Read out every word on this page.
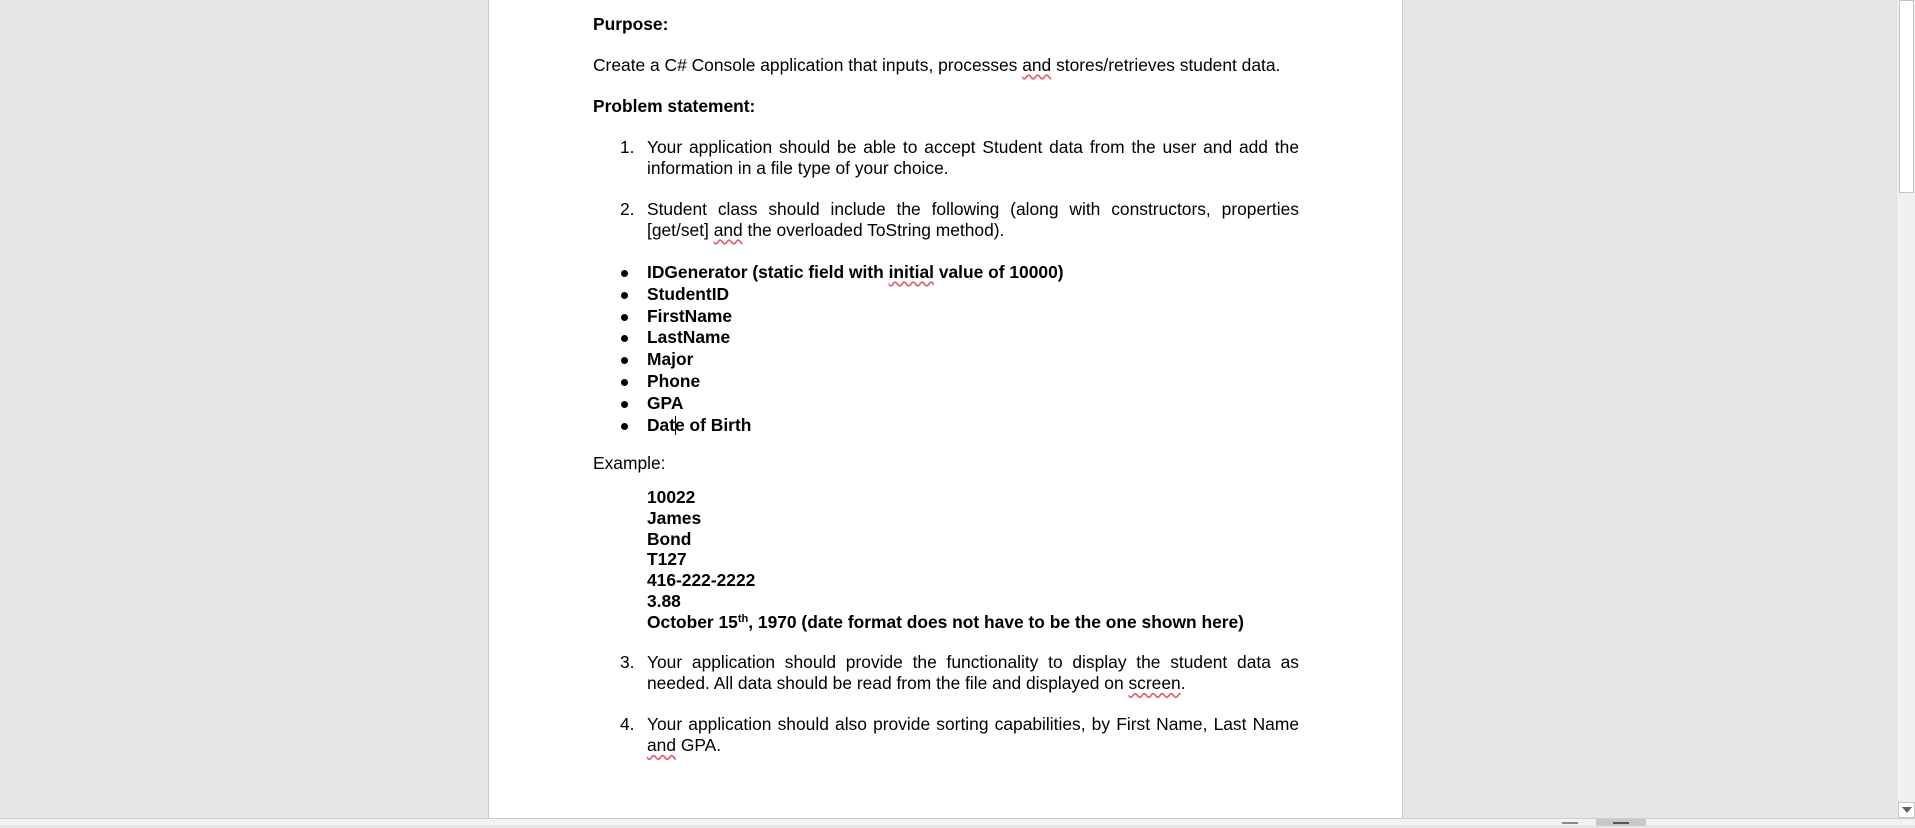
Purpose:

Create a C# Console application that inputs, processes and stores/retrieves student data.

Problem statement:

1. Your application should be able to accept Student data from the user and add the information in a file type of your choice.
2. Student class should include the following (along with constructors, properties [get/set] and the overloaded ToString method).
IDGenerator (static field with initial value of 10000)
StudentID
FirstName
LastName
Major
Phone
GPA
Date of Birth

Example:

10022
James
Bond
T127
416-222-2222
3.88
October 15th, 1970 (date format does not have to be the one shown here)
3. Your application should provide the functionality to display the student data as needed. All data should be read from the file and displayed on screen.
4. Your application should also provide sorting capabilities, by First Name, Last Name and GPA.
